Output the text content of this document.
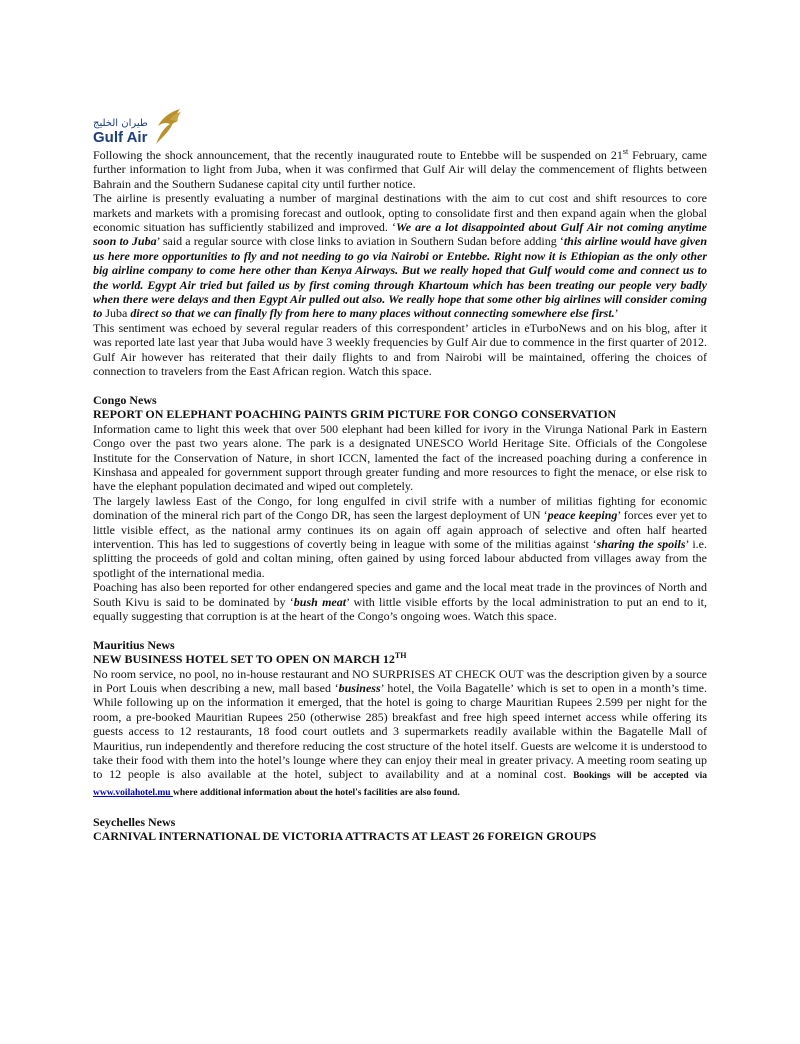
طيران الخليج
Gulf Air

Following the shock announcement, that the recently inaugurated route to Entebbe will be suspended on 21st February, came further information to light from Juba, when it was confirmed that Gulf Air will delay the commencement of flights between Bahrain and the Southern Sudanese capital city until further notice.

The airline is presently evaluating a number of marginal destinations with the aim to cut cost and shift resources to core markets and markets with a promising forecast and outlook, opting to consolidate first and then expand again when the global economic situation has sufficiently stabilized and improved. ‘We are a lot disappointed about Gulf Air not coming anytime soon to Juba’ said a regular source with close links to aviation in Southern Sudan before adding ‘this airline would have given us here more opportunities to fly and not needing to go via Nairobi or Entebbe. Right now it is Ethiopian as the only other big airline company to come here other than Kenya Airways. But we really hoped that Gulf would come and connect us to the world. Egypt Air tried but failed us by first coming through Khartoum which has been treating our people very badly when there were delays and then Egypt Air pulled out also. We really hope that some other big airlines will consider coming to Juba direct so that we can finally fly from here to many places without connecting somewhere else first.’

This sentiment was echoed by several regular readers of this correspondent’ articles in eTurboNews and on his blog, after it was reported late last year that Juba would have 3 weekly frequencies by Gulf Air due to commence in the first quarter of 2012. Gulf Air however has reiterated that their daily flights to and from Nairobi will be maintained, offering the choices of connection to travelers from the East African region. Watch this space.

Congo News

REPORT ON ELEPHANT POACHING PAINTS GRIM PICTURE FOR CONGO CONSERVATION

Information came to light this week that over 500 elephant had been killed for ivory in the Virunga National Park in Eastern Congo over the past two years alone. The park is a designated UNESCO World Heritage Site. Officials of the Congolese Institute for the Conservation of Nature, in short ICCN, lamented the fact of the increased poaching during a conference in Kinshasa and appealed for government support through greater funding and more resources to fight the menace, or else risk to have the elephant population decimated and wiped out completely.

The largely lawless East of the Congo, for long engulfed in civil strife with a number of militias fighting for economic domination of the mineral rich part of the Congo DR, has seen the largest deployment of UN ‘peace keeping’ forces ever yet to little visible effect, as the national army continues its on again off again approach of selective and often half hearted intervention. This has led to suggestions of covertly being in league with some of the militias against ‘sharing the spoils’ i.e. splitting the proceeds of gold and coltan mining, often gained by using forced labour abducted from villages away from the spotlight of the international media.

Poaching has also been reported for other endangered species and game and the local meat trade in the provinces of North and South Kivu is said to be dominated by ‘bush meat’ with little visible efforts by the local administration to put an end to it, equally suggesting that corruption is at the heart of the Congo’s ongoing woes. Watch this space.

Mauritius News

NEW BUSINESS HOTEL SET TO OPEN ON MARCH 12TH

No room service, no pool, no in-house restaurant and NO SURPRISES AT CHECK OUT was the description given by a source in Port Louis when describing a new, mall based ‘business’ hotel, the Voila Bagatelle’ which is set to open in a month’s time. While following up on the information it emerged, that the hotel is going to charge Mauritian Rupees 2.599 per night for the room, a pre-booked Mauritian Rupees 250 (otherwise 285) breakfast and free high speed internet access while offering its guests access to 12 restaurants, 18 food court outlets and 3 supermarkets readily available within the Bagatelle Mall of Mauritius, run independently and therefore reducing the cost structure of the hotel itself. Guests are welcome it is understood to take their food with them into the hotel’s lounge where they can enjoy their meal in greater privacy. A meeting room seating up to 12 people is also available at the hotel, subject to availability and at a nominal cost. Bookings will be accepted via www.voilahotel.mu where additional information about the hotel's facilities are also found.

Seychelles News

CARNIVAL INTERNATIONAL DE VICTORIA ATTRACTS AT LEAST 26 FOREIGN GROUPS
